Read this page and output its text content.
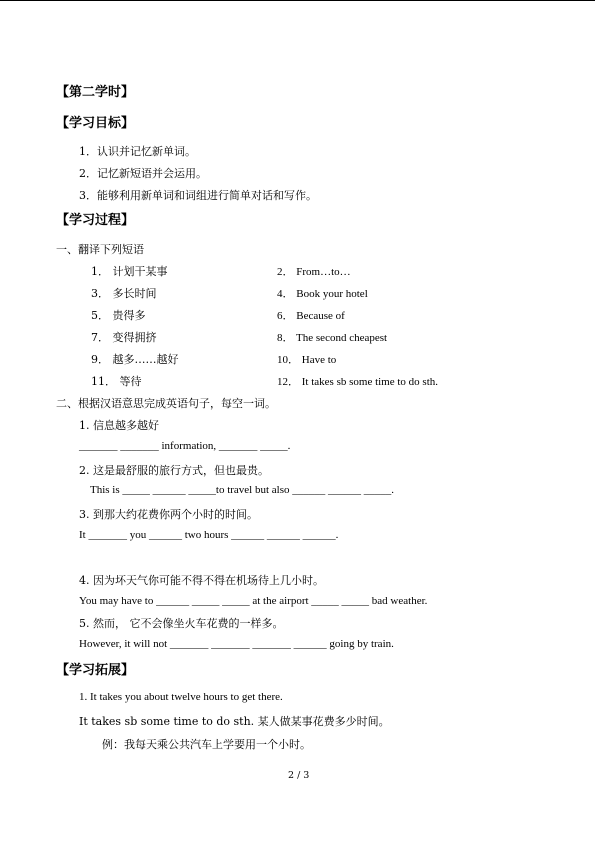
【第二学时】
【学习目标】
1．认识并记忆新单词。
2．记忆新短语并会运用。
3．能够利用新单词和词组进行简单对话和写作。
【学习过程】
一、翻译下列短语
1． 计划干某事
3． 多长时间
5． 贵得多
7． 变得拥挤
9． 越多……越好
11． 等待
2． From…to…
4． Book your hotel
6． Because of
8． The second cheapest
10． Have to
12． It takes sb some time to do sth.
二、根据汉语意思完成英语句子，每空一词。
1. 信息越多越好
_______ _______ information, _______ _____.
2. 这是最舒服的旅行方式，但也最贵。
This is _____ ______ _____to travel but also ______ ______ _____.
3. 到那大约花费你两个小时的时间。
It _______ you ______ two hours ______ ______ ______.
4. 因为坏天气你可能不得不得在机场待上几小时。
You may have to ______ _____ _____ at the airport _____ _____ bad weather.
5. 然而， 它不会像坐火车花费的一样多。
However, it will not _______ _______ _______ ______ going by train.
【学习拓展】
1. It takes you about twelve hours to get there.
It takes sb some time to do sth. 某人做某事花费多少时间。
例：我每天乘公共汽车上学要用一个小时。
2 / 3
